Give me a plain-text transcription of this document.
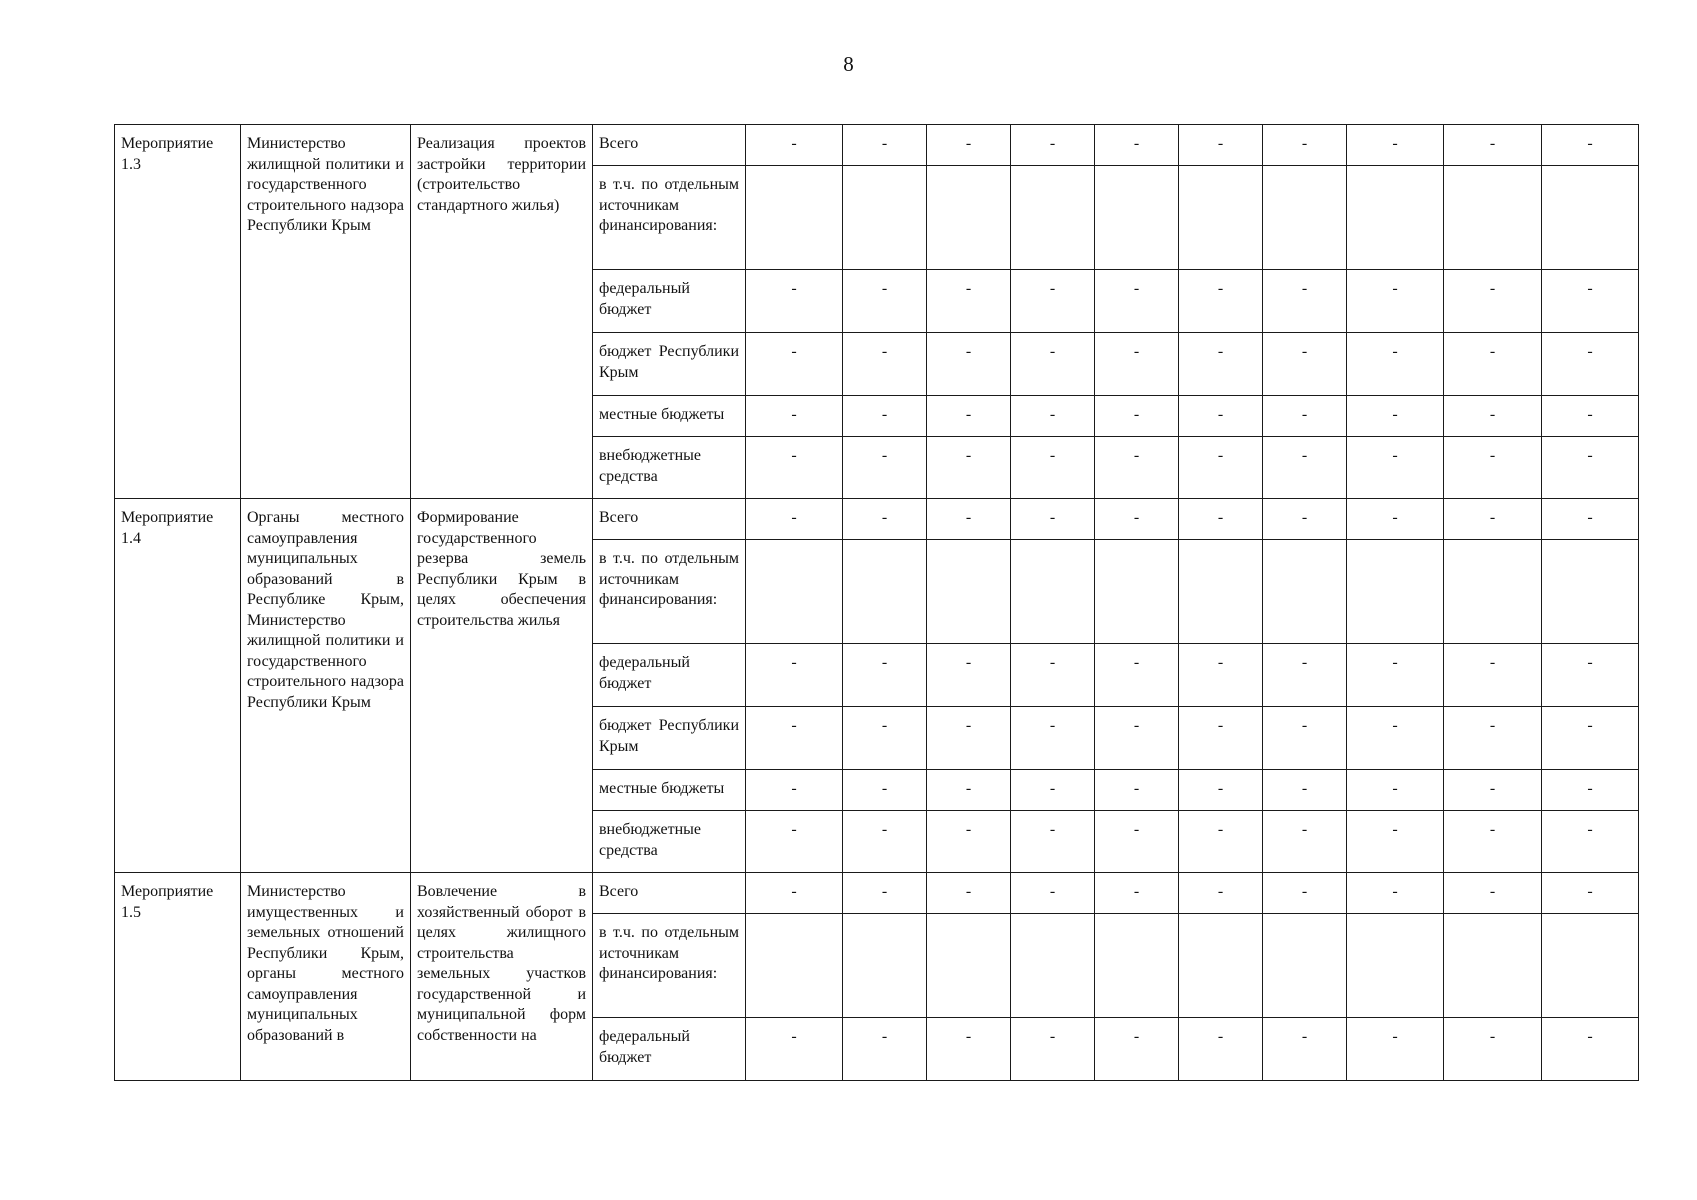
8
Мероприятие 1.3	Министерство жилищной политики и государственного строительного надзора Республики Крым	Реализация проектов застройки территории (строительство стандартного жилья)	Всего	-	-	-	-	-	-	-	-	-	-
			в т.ч. по отдельным источникам финансирования:										
			федеральный бюджет	-	-	-	-	-	-	-	-	-	-
			бюджет Республики Крым	-	-	-	-	-	-	-	-	-	-
			местные бюджеты	-	-	-	-	-	-	-	-	-	-
			внебюджетные средства	-	-	-	-	-	-	-	-	-	-
Мероприятие 1.4	Органы местного самоуправления муниципальных образований в Республике Крым, Министерство жилищной политики и государственного строительного надзора Республики Крым	Формирование государственного резерва земель Республики Крым в целях обеспечения строительства жилья	Всего	-	-	-	-	-	-	-	-	-	-
			в т.ч. по отдельным источникам финансирования:										
			федеральный бюджет	-	-	-	-	-	-	-	-	-	-
			бюджет Республики Крым	-	-	-	-	-	-	-	-	-	-
			местные бюджеты	-	-	-	-	-	-	-	-	-	-
			внебюджетные средства	-	-	-	-	-	-	-	-	-	-
Мероприятие 1.5	Министерство имущественных и земельных отношений Республики Крым, органы местного самоуправления муниципальных образований в	Вовлечение в хозяйственный оборот в целях жилищного строительства земельных участков государственной и муниципальной форм собственности на	Всего	-	-	-	-	-	-	-	-	-	-
			в т.ч. по отдельным источникам финансирования:										
			федеральный бюджет	-	-	-	-	-	-	-	-	-	-
